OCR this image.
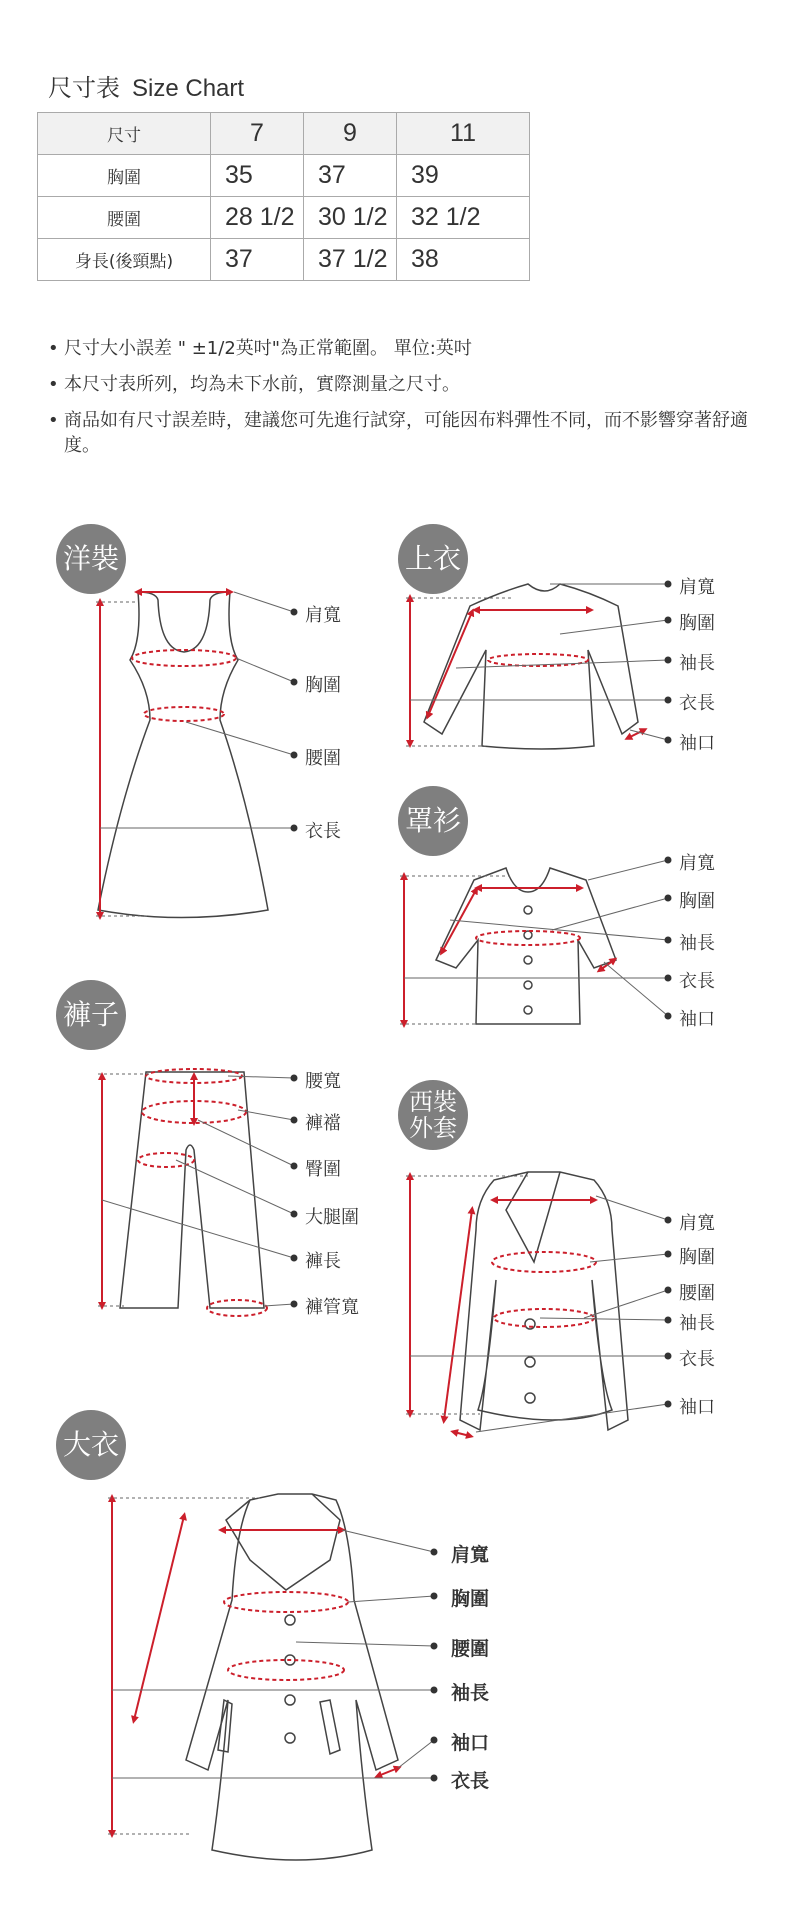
尺寸表 Size Chart
尺寸	7	9	11
胸圍	35	37	39
腰圍	28 1/2	30 1/2	32 1/2
身長(後頸點)	37	37 1/2	38
• 尺寸大小誤差 " ±1/2英吋"為正常範圍。 單位:英吋
• 本尺寸表所列，均為未下水前，實際測量之尺寸。
• 商品如有尺寸誤差時，建議您可先進行試穿，可能因布料彈性不同，而不影響穿著舒適度。
洋裝	上衣
罩衫
褲子
西裝
外套
大衣
肩寬
胸圍
腰圍
衣長
肩寬
胸圍
袖長
衣長
袖口
肩寬
胸圍
袖長
衣長
袖口
腰寬
褲襠
臀圍
大腿圍
褲長
褲管寬
肩寬
胸圍
腰圍
袖長
衣長
袖口
肩寬
胸圍
腰圍
袖長
袖口
衣長
